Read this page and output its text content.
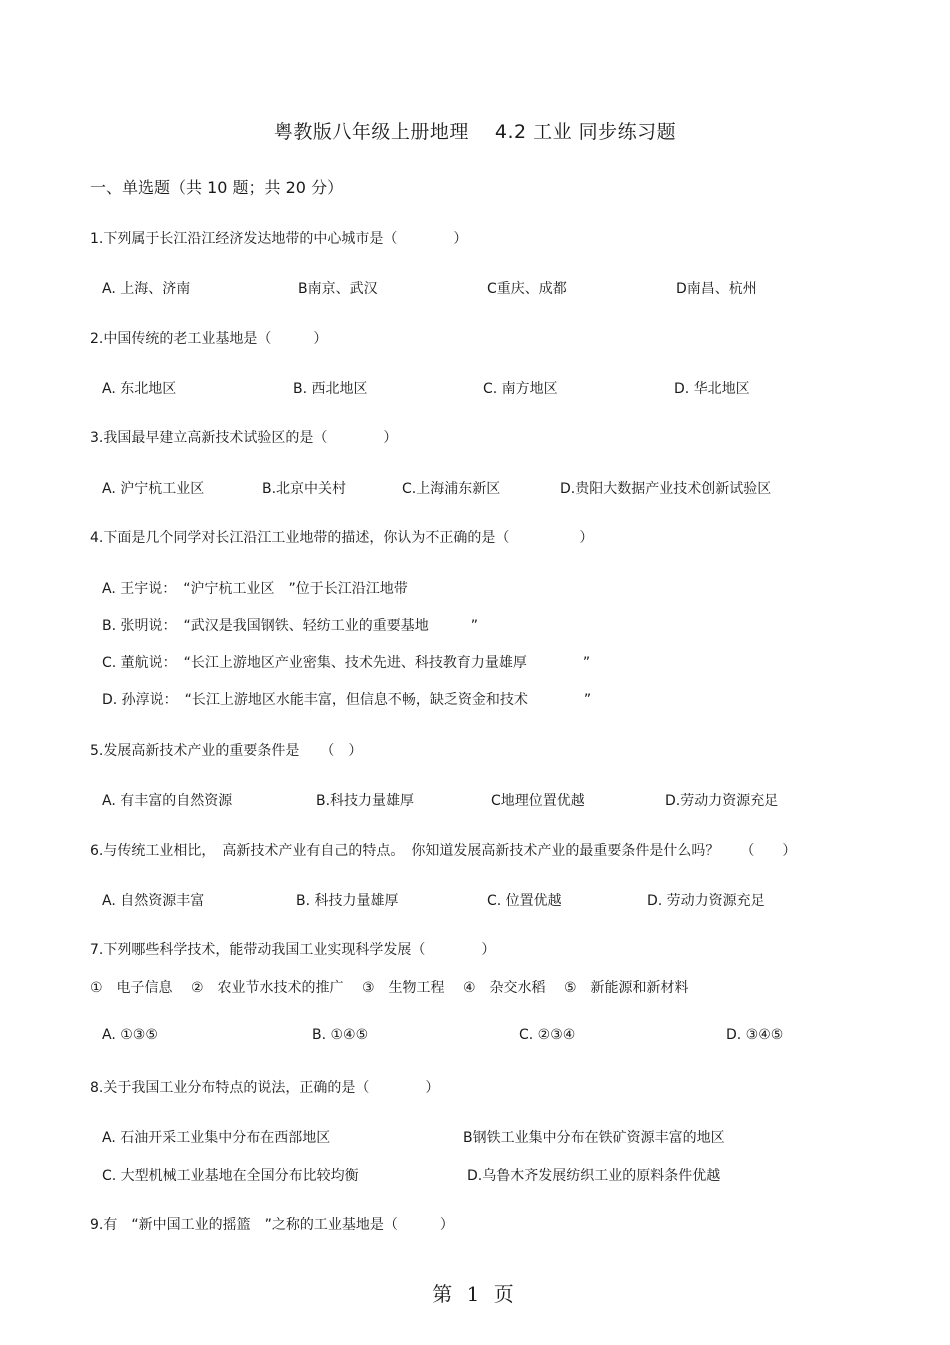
粤教版八年级上册地理　 4.2 工业 同步练习题
一、单选题（共 10 题；共 20 分）
1.下列属于长江沿江经济发达地带的中心城市是（　　　　）
A. 上海、济南	B南京、武汉	C重庆、成都	D南昌、杭州
2.中国传统的老工业基地是（　　　）
A. 东北地区	B. 西北地区	C. 南方地区	D. 华北地区
3.我国最早建立高新技术试验区的是（　　　　）
A. 沪宁杭工业区	B.北京中关村	C.上海浦东新区	D.贵阳大数据产业技术创新试验区
4.下面是几个同学对长江沿江工业地带的描述，你认为不正确的是（　　　　　）
A. 王宇说：　“沪宁杭工业区　”位于长江沿江地带
B. 张明说：　“武汉是我国钢铁、轻纺工业的重要基地　　　”
C. 董航说：　“长江上游地区产业密集、技术先进、科技教育力量雄厚　　　　”
D. 孙淳说：　“长江上游地区水能丰富，但信息不畅，缺乏资金和技术　　　　”
5.发展高新技术产业的重要条件是　　（　）
A. 有丰富的自然资源	B.科技力量雄厚	C地理位置优越	D.劳动力资源充足
6.与传统工业相比，　高新技术产业有自己的特点。　你知道发展高新技术产业的最重要条件是什么吗？　　（　　）
A. 自然资源丰富	B. 科技力量雄厚	C. 位置优越	D. 劳动力资源充足
7.下列哪些科学技术，能带动我国工业实现科学发展（　　　　）
①　电子信息　 ②　农业节水技术的推广　 ③　生物工程　 ④　杂交水稻　 ⑤　新能源和新材料
A. ①③⑤	B. ①④⑤	C. ②③④	D. ③④⑤
8.关于我国工业分布特点的说法，正确的是（　　　　）
A. 石油开采工业集中分布在西部地区	B钢铁工业集中分布在铁矿资源丰富的地区
C. 大型机械工业基地在全国分布比较均衡	D.乌鲁木齐发展纺织工业的原料条件优越
9.有　“新中国工业的摇篮　”之称的工业基地是（　　　）
第 1 页
